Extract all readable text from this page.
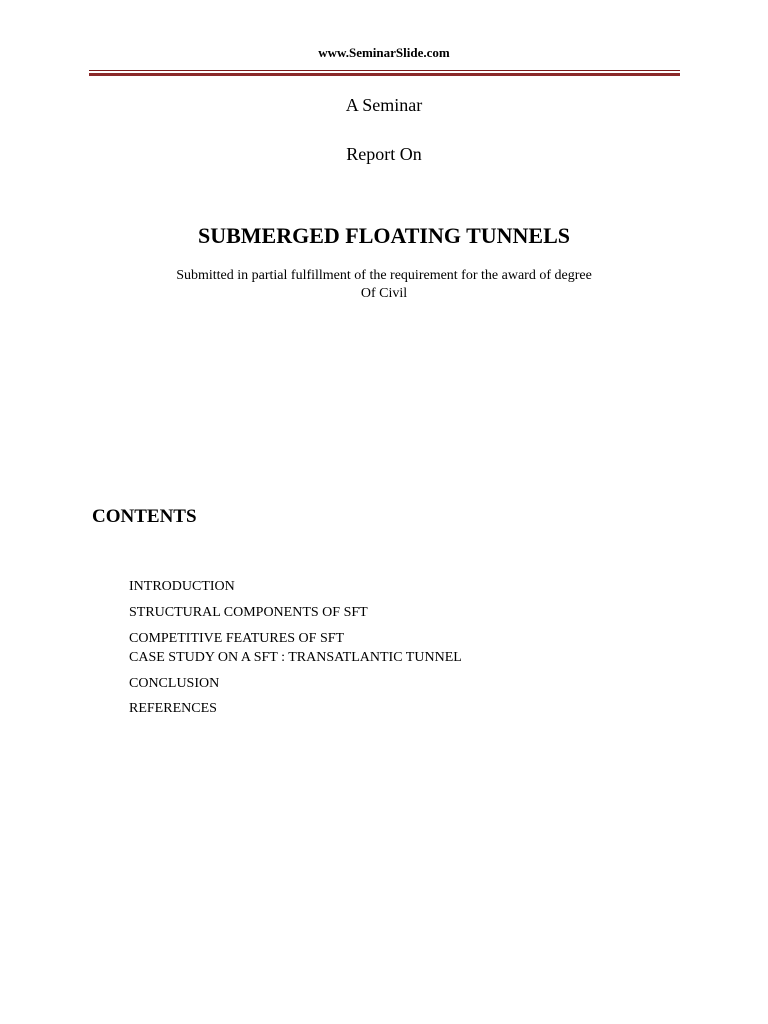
www.SeminarSlide.com
A Seminar
Report On
SUBMERGED FLOATING TUNNELS
Submitted in partial fulfillment of the requirement for the award of degree
Of Civil
CONTENTS
INTRODUCTION
STRUCTURAL COMPONENTS OF SFT
COMPETITIVE FEATURES OF SFT
CASE STUDY ON A SFT : TRANSATLANTIC TUNNEL
CONCLUSION
REFERENCES
